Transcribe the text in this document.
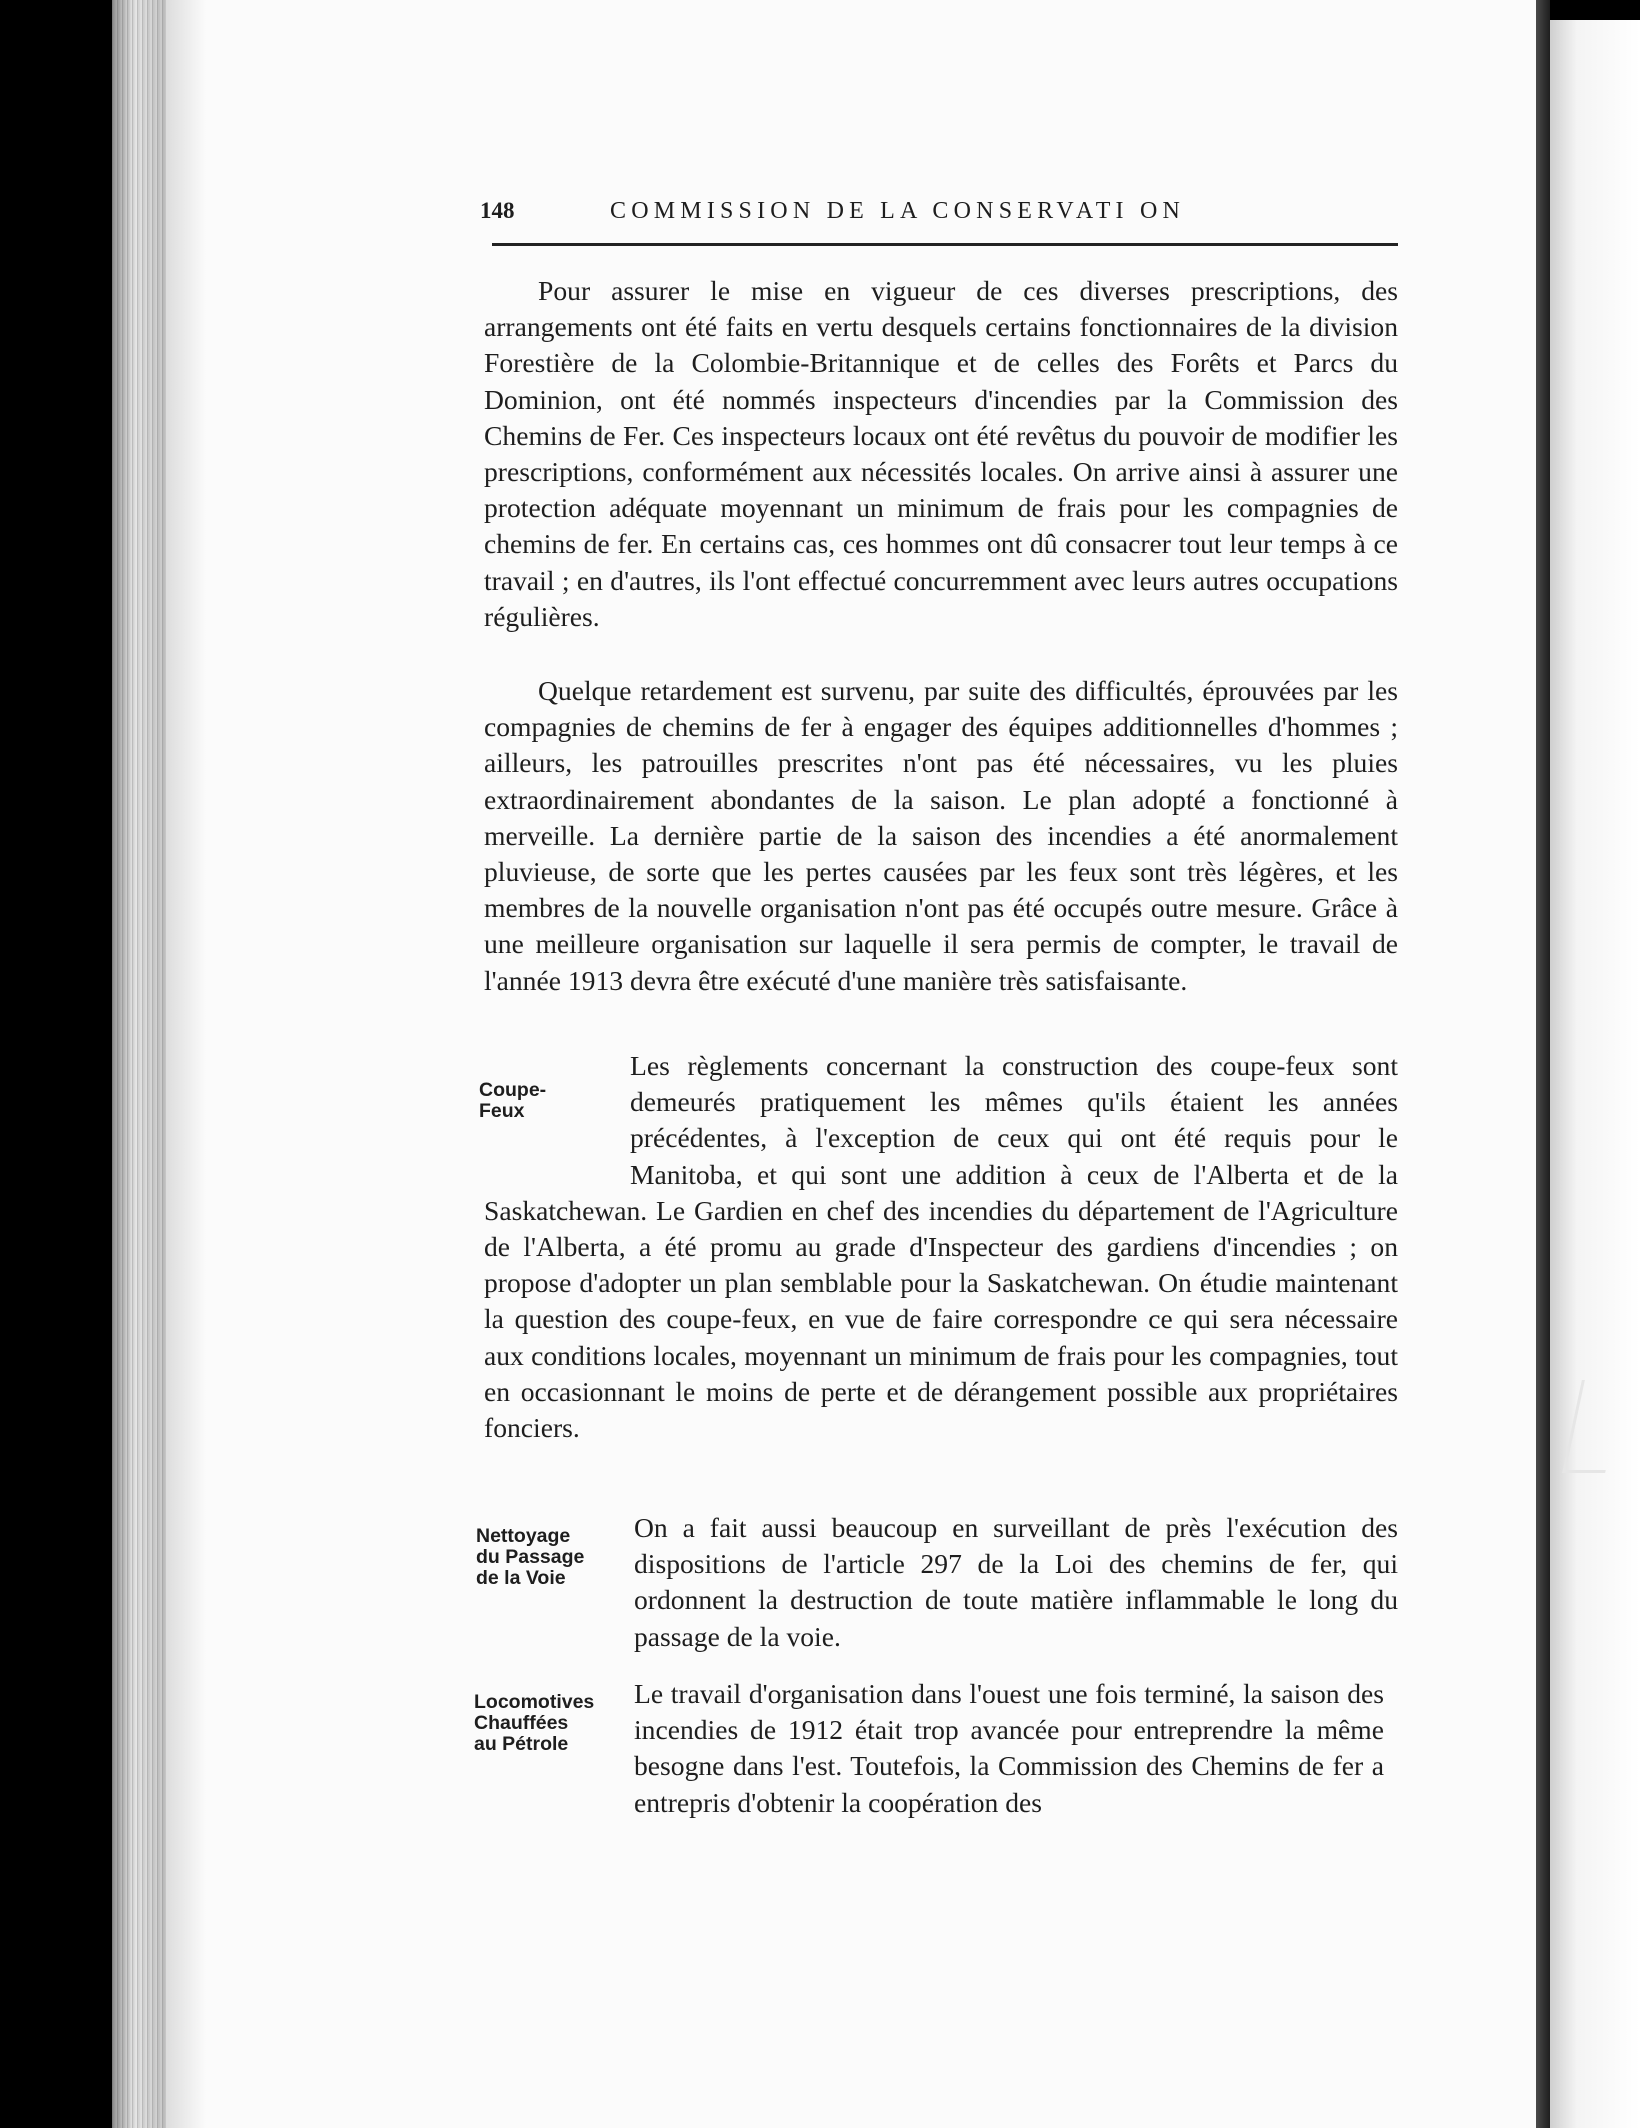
148	COMMISSION DE LA CONSERVATI ON

Pour assurer le mise en vigueur de ces diverses prescriptions, des arrangements ont été faits en vertu desquels certains fonctionnaires de la division Forestière de la Colombie-Britannique et de celles des Forêts et Parcs du Dominion, ont été nommés inspecteurs d'incendies par la Commission des Chemins de Fer. Ces inspecteurs locaux ont été revêtus du pouvoir de modifier les prescriptions, conformément aux nécessités locales. On arrive ainsi à assurer une protection adéquate moyennant un minimum de frais pour les compagnies de chemins de fer. En certains cas, ces hommes ont dû consacrer tout leur temps à ce travail ; en d'autres, ils l'ont effectué concurremment avec leurs autres occupations régulières.

Quelque retardement est survenu, par suite des difficultés, éprouvées par les compagnies de chemins de fer à engager des équipes additionnelles d'hommes ; ailleurs, les patrouilles prescrites n'ont pas été nécessaires, vu les pluies extraordinairement abondantes de la saison. Le plan adopté a fonctionné à merveille. La dernière partie de la saison des incendies a été anormalement pluvieuse, de sorte que les pertes causées par les feux sont très légères, et les membres de la nouvelle organisation n'ont pas été occupés outre mesure. Grâce à une meilleure organisation sur laquelle il sera permis de compter, le travail de l'année 1913 devra être exécuté d'une manière très satisfaisante.

Coupe-
Feux
Les règlements concernant la construction des coupe-feux sont demeurés pratiquement les mêmes qu'ils étaient les années précédentes, à l'exception de ceux qui ont été requis pour le Manitoba, et qui sont une addition à ceux de l'Alberta et de la Saskatchewan. Le Gardien en chef des incendies du département de l'Agriculture de l'Alberta, a été promu au grade d'Inspecteur des gardiens d'incendies ; on propose d'adopter un plan semblable pour la Saskatchewan. On étudie maintenant la question des coupe-feux, en vue de faire correspondre ce qui sera nécessaire aux conditions locales, moyennant un minimum de frais pour les compagnies, tout en occasionnant le moins de perte et de dérangement possible aux propriétaires fonciers.
Nettoyage
du Passage
de la Voie
On a fait aussi beaucoup en surveillant de près l'exécution des dispositions de l'article 297 de la Loi des chemins de fer, qui ordonnent la destruction de toute matière inflammable le long du passage de la voie.
Locomotives
Chauffées
au Pétrole
Le travail d'organisation dans l'ouest une fois terminé, la saison des incendies de 1912 était trop avancée pour entreprendre la même besogne dans l'est. Toutefois, la Commission des Chemins de fer a entrepris d'obtenir la coopération des
